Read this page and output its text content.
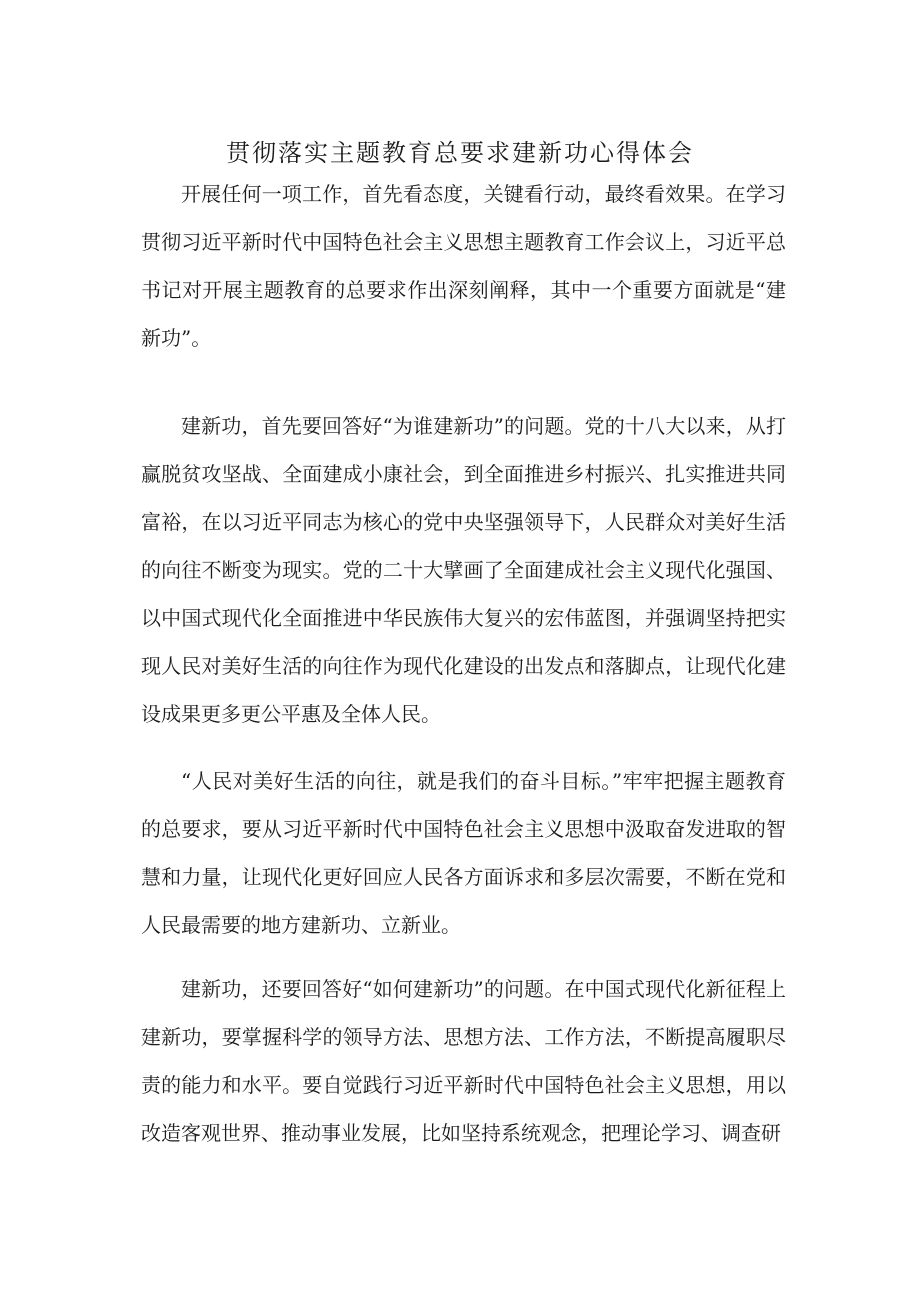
贯彻落实主题教育总要求建新功心得体会

开展任何一项工作，首先看态度，关键看行动，最终看效果。在学习贯彻习近平新时代中国特色社会主义思想主题教育工作会议上，习近平总书记对开展主题教育的总要求作出深刻阐释，其中一个重要方面就是“建新功”。

建新功，首先要回答好“为谁建新功”的问题。党的十八大以来，从打赢脱贫攻坚战、全面建成小康社会，到全面推进乡村振兴、扎实推进共同富裕，在以习近平同志为核心的党中央坚强领导下，人民群众对美好生活的向往不断变为现实。党的二十大擘画了全面建成社会主义现代化强国、以中国式现代化全面推进中华民族伟大复兴的宏伟蓝图，并强调坚持把实现人民对美好生活的向往作为现代化建设的出发点和落脚点，让现代化建设成果更多更公平惠及全体人民。

“人民对美好生活的向往，就是我们的奋斗目标。”牢牢把握主题教育的总要求，要从习近平新时代中国特色社会主义思想中汲取奋发进取的智慧和力量，让现代化更好回应人民各方面诉求和多层次需要，不断在党和人民最需要的地方建新功、立新业。

建新功，还要回答好“如何建新功”的问题。在中国式现代化新征程上建新功，要掌握科学的领导方法、思想方法、工作方法，不断提高履职尽责的能力和水平。要自觉践行习近平新时代中国特色社会主义思想，用以改造客观世界、推动事业发展，比如坚持系统观念，把理论学习、调查研
